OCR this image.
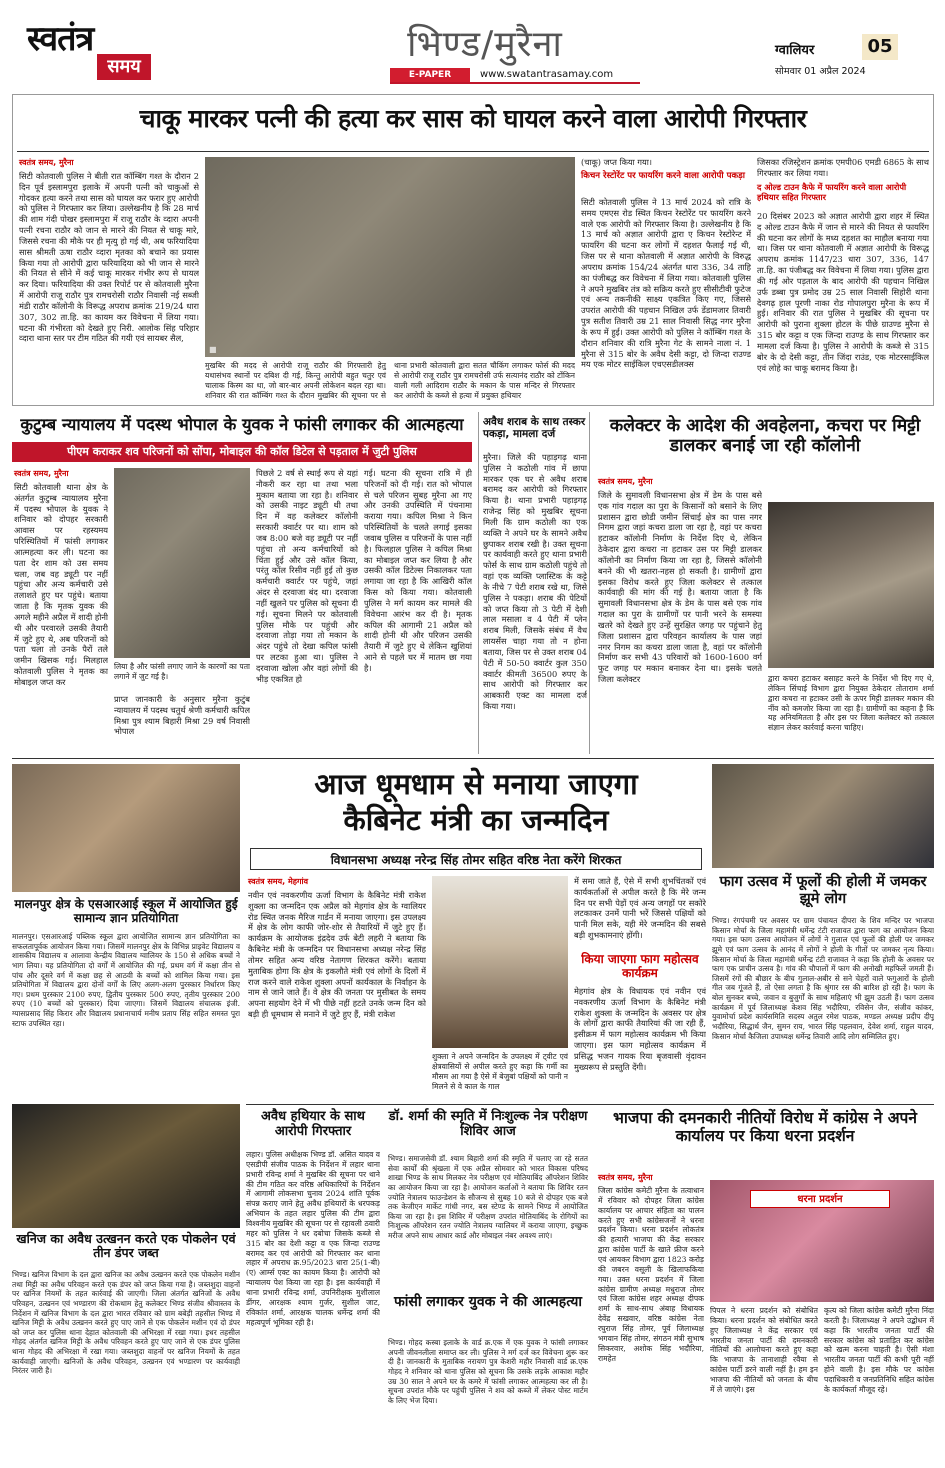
स्वतंत्र
समय
भिण्ड/मुरैना
E-PAPER	www.swatantrasamay.com
ग्वालियर	05
सोमवार 01 अप्रैल 2024
चाकू मारकर पत्नी की हत्या कर सास को घायल करने वाला आरोपी गिरफ्तार
स्वतंत्र समय, मुरैना
सिटी कोतवाली पुलिस ने बीती रात कॉम्बिंग गश्त के दौरान 2 दिन पूर्व इस्लामपुरा इलाके में अपनी पत्नी को चाकुओं से गोदकर हत्या करने तथा सास को घायल कर फरार हुए आरोपी को पुलिस ने गिरफ्तार कर लिया। उल्लेखनीय है कि 28 मार्च की शाम गंदी पोखर इस्लामपुरा में राजू राठौर के व्दारा अपनी पत्नी रचना राठौर को जान से मारने की नियत से चाकू मारे, जिससे रचना की मौके पर ही मृत्यु हो गई थी, अब फरियादिया सास श्रीमती ऊषा राठौर व्दारा मृतका को बचाने का प्रयास किया गया तो आरोपी द्वारा फरियादिया को भी जान से मारने की नियत से सीने में कई चाकू मारकर गंभीर रूप से घायल कर दिया। फरियादिया की उक्त रिपोर्ट पर से कोतवाली मुरैना में आरोपी राजू राठौर पुत्र रामचरोसी राठौर निवासी नई सब्जी मंडी राठौर कॉलोनी के विरूद्ध अपराध क्रमांक 219/24 धारा 307, 302 ता.हि. का कायम कर विवेचना में लिया गया। घटना की गंभीरता को देखते हुए निरी. आलोक सिंह परिहार व्दारा थाना स्तर पर टीम गठित की गयी एवं सायबर सैल,
■
मुखबिर की मदद से आरोपी राजू राठौर की गिरफ्तारी हेतु यथासंभव स्थानों पर दबिश दी गई, किन्तु आरोपी बहुत चतुर एवं चालाक किस्म का था, जो बार-बार अपनी लोकेशन बदल रहा था। शनिवार की रात कॉम्बिंग गश्त के दौरान मुखबिर की सूचना पर से थाना प्रभारी कोतवाली द्वारा सतत चौकिंग लगाकर फोर्स की मदद से आरोपी राजू राठौर पुत्र रामचरोसी उर्फ सत्यानंद राठौर को टोंकिन वाली गली आदिराम राठौर के मकान के पास मन्दिर से गिरफ्तार कर आरोपी के कब्जे से हत्या में प्रयुक्त हथियार
(चाकू) जप्त किया गया।
किचन रेस्टोरेंट पर फायरिंग करने वाला आरोपी पकड़ा
सिटी कोतवाली पुलिस ने 13 मार्च 2024 को रात्रि के समय एमएस रोड स्थित किचन रेस्टोरेंट पर फायरिंग करने वाले एक आरोपी को गिरफ्तार किया है। उल्लेखनीय है कि 13 मार्च को अज्ञात आरोपी द्वारा ए किचन रेस्टोरेन्ट में फायरिंग की घटना कर लोगों में दहशत फैलाई गई थी, जिस पर से थाना कोतवाली में अज्ञात आरोपी के विरुद्ध अपराध क्रमांक 154/24 अंतर्गत धारा 336, 34 ताहि का पंजीबद्ध कर विवेचना में लिया गया। कोतवाली पुलिस ने अपने मुखबिर तंत्र को सक्रिय करते हुए सीसीटीवी फुटेज एवं अन्य तकनीकी साक्ष्य एकत्रित किए गए, जिससे उपरांत आरोपी की पहचान निखिल उर्फ डेंडामजार तिवारी पुत्र सतीश तिवारी उम्र 21 साल निवासी सिद्ध नगर मुरैना के रूप में हुई। उक्त आरोपी को पुलिस ने कॉम्बिंग गश्त के दौरान शनिवार की रात्रि मुरैना गेट के सामने नाला नं. 1 मुरैना से 315 बोर के अवैध देसी कट्टा, दो जिन्दा राउण्ड मय एक मोटर साईकिल एचएसडीलक्स
जिसका रजिस्ट्रेशन क्रमांक एमपी06 एमडी 6865 के साथ गिरफ्तार कर लिया गया।
द ओल्ड टाउन कैफे में फायरिंग करने वाला आरोपी हथियार सहित गिरफ्तार
20 दिसंबर 2023 को अज्ञात आरोपी द्वारा शहर में स्थित द ओल्ड टाउन कैफे में जान से मारने की नियत से फायरिंग की घटना कर लोगों के मध्य दहशत का माहौल बनाया गया था। जिस पर थाना कोतवाली में अज्ञात आरोपी के विरूद्ध अपराध क्रमांक 1147/23 धारा 307, 336, 147 ता.हि. का पंजीबद्ध कर विवेचना में लिया गया। पुलिस द्वारा की गई ओर पड़ताल के बाद आरोपी की पहचान निखिल उर्फ डब्बा पुत्र प्रमोद उम्र 25 साल निवासी सिहोरी थाना देवगढ़ हाल पूरणी नाका रोड गोपालपुरा मुरैना के रूप में हुई। शनिवार की रात पुलिस ने मुखबिर की सूचना पर आरोपी को पुराना शुक्ला होटल के पीछे ग्राउण्ड मुरैना से 315 बोर कट्टा व एक जिन्दा राउण्ड के साथ गिरफ्तार कर मामला दर्ज किया है। पुलिस ने आरोपी के कब्जे से 315 बोर के दो देसी कट्टा, तीन जिंदा राउंड, एक मोटरसाईकिल एवं लोहे का चाकू बरामद किया है।
कुटुम्ब न्यायालय में पदस्थ भोपाल के युवक ने फांसी लगाकर की आत्महत्या
पीएम कराकर शव परिजनों को सोंपा, मोबाइल की कॉल डिटेल से पड़ताल में जुटी पुलिस
स्वतंत्र समय, मुरैना
सिटी कोतवाली थाना क्षेत्र के अंतर्गत कुटुम्ब न्यायालय मुरैना में पदस्थ भोपाल के युवक ने शनिवार को दोपहर सरकारी आवास पर रहस्यमय परिस्थितियों में फांसी लगाकर आत्महत्या कर ली। घटना का पता देर शाम को उस समय चला, जब वह ड्यूटी पर नहीं पहुंचा और अन्य कर्मचारी उसे तलाशते हुए घर पहुंचे। बताया जाता है कि मृतक युवक की अगले महीने अप्रैल में शादी होनी थी और परवारले उसकी तैयारी में जुटे हुए थे, अब परिजनों को पता चला तो उनके पैरों तले जमीन खिसक गई। मिलहाल कोतवाली पुलिस ने मृतक का मोबाइल जप्त कर
लिया है और फांसी लगाए जाने के कारणों का पता लगाने में जुट गई है।
प्राप्त जानकारी के अनुसार मुरैना कुटुंब न्यायालय में पदस्थ चतुर्थ श्रेणी कर्मचारी कपिल मिश्रा पुत्र श्याम बिहारी मिश्रा 29 वर्ष निवासी भोपाल
पिछले 2 वर्ष से स्थाई रूप से यहां नौकरी कर रहा था तथा भला मुकाम बताया जा रहा है। शनिवार को उसकी नाइट ड्यूटी थी तथा दिन में वह कलेक्टर कॉलोनी सरकारी क्वार्टर पर था। शाम को जब 8:00 बजे वह ड्यूटी पर नहीं पहुंचा तो अन्य कर्मचारियों को चिंता हुई और उसे कॉल किया, परंतु कॉल रिसीव नहीं हुई तो कुछ कर्मचारी क्वार्टर पर पहुंचे, जहां अंदर से दरवाजा बंद था। दरवाजा नहीं खुलने पर पुलिस को सूचना दी गई। सूचना मिलने पर कोतवाली पुलिस मौके पर पहुंची और दरवाजा तोड़ा गया तो मकान के अंदर पहुंचे तो देखा कपिल फांसी पर लटका हुआ था। पुलिस ने दरवाजा खोला और वहां लोगों की भीड़ एकत्रित हो
गई। घटना की सूचना रात्रि में ही परिजनों को दी गई। रात को भोपाल से चले परिजन सुबह मुरैना आ गए और उनकी उपस्थिति में पंचनामा कराया गया। कपिल मिश्रा ने किन परिस्थितियों के चलते लगाई इसका जवाब पुलिस व परिजनों के पास नहीं है। फिलहाल पुलिस ने कपिल मिश्रा का मोबाइल जप्त कर लिया है और उसकी कॉल डिटेल्स निकालकर पता लगाया जा रहा है कि आखिरी कॉल किस को किया गया। कोतवाली पुलिस ने मर्ग कायम कर मामले की विवेचना आरंभ कर दी है। मृतक कपिल की आगामी 21 अप्रैल को शादी होनी थी और परिजन उसकी तैयारी में जुटे हुए थे लेकिन खुशियां आने से पहले घर में मातम छा गया है।
अवैध शराब के साथ तस्कर पकड़ा, मामला दर्ज
मुरैना। जिले की पहाड़गढ़ थाना पुलिस ने कठोली गांव में छापा मारकर एक घर से अवैध शराब बरामद कर आरोपी को गिरफ्तार किया है। थाना प्रभारी पहाड़गढ़ राजेन्द्र सिंह को मुखबिर सूचना मिली कि ग्राम कठोली का एक व्यक्ति ने अपने घर के सामने अवैध छुपाकर शराब रखी है। उक्त सूचना पर कार्यवाही करते हुए थाना प्रभारी फोर्स के साथ ग्राम कठोली पहुंचे तो वहां एक व्यक्ति प्लास्टिक के कट्टे के नीचे 7 पेटी शराब रखे था, जिसे पुलिस ने पकड़ा। शराब की पेटियों को जप्त किया तो 3 पेटी में देशी लाल मसाला व 4 पेटी में प्लेन शराब मिली, जिसके संबंध में वैध लायसेंस चाहा गया तो न होना बताया, जिस पर से उक्त शराब 04 पेटी में 50-50 क्वार्टर कुल 350 क्वार्टर कीमती 36500 रुपए के साथ आरोपी को गिरफ्तार कर आबकारी एक्ट का मामला दर्ज किया गया।
कलेक्टर के आदेश की अवहेलना, कचरा पर मिट्टी डालकर बनाई जा रही कॉलोनी
स्वतंत्र समय, मुरैना
जिले के सुमावली विधानसभा क्षेत्र में डेम के पास बसे एक गांव गदाल का पुरा के किसानों को बसाने के लिए प्रशासन द्वारा छोडी जमीन सिंचाई क्षेत्र का पास नगर निगम द्वारा जहां कचरा डाला जा रहा है, वहां पर कचरा हटाकर कॉलोनी निर्माण के निर्देश दिए थे, लेकिन ठेकेदार द्वारा कचरा ना हटाकर उस पर मिट्टी डालकर कॉलोनी का निर्माण किया जा रहा है, जिससे कॉलोनी बनने की भी खतरा-नहस हो सकती है। ग्रामीणों द्वारा इसका विरोध करते हुए जिला कलेक्टर से तत्काल कार्यवाही की मांग की गई है। बताया जाता है कि सुमावली विधानसभा क्षेत्र के डेम के पास बसे एक गांव गदाल का पुरा के ग्रामीणों पर पानी भरने के समस्या खतरे को देखते हुए उन्हें सुरक्षित जगह पर पहुंचाने हेतु जिला प्रशासन द्वारा परिवहन कार्यालय के पास जहां नगर निगम का कचरा डाला जाता है, वहां पर कॉलोनी निर्माण कर सभी 43 परिवारों को 1600-1600 वर्ग फुट जगह पर मकान बनाकर देना था। इसके चलते जिला कलेक्टर	द्वारा कचरा हटाकर बसाहट करने के निर्देश भी दिए गए थे, लेकिन सिंचाई विभाग द्वारा नियुक्त ठेकेदार तोताराम शर्मा द्वारा कचरा ना हटाकर उसी के ऊपर मिट्टी डालकर मकान की नींव को कमजोर किया जा रहा है। ग्रामीणों का कहना है कि यह अनियमितता है और इस पर जिला कलेक्टर को तत्काल संज्ञान लेकर कार्रवाई करना चाहिए।
मालनपुर क्षेत्र के एसआरआई स्कूल में आयोजित हुई सामान्य ज्ञान प्रतियोगिता
मालनपुर। एसआरआई पब्लिक स्कूल द्वारा आयोजित सामान्य ज्ञान प्रतियोगिता का सफलतापूर्वक आयोजन किया गया। जिसमें मालनपुर क्षेत्र के विभिन्न प्राइवेट विद्यालय व शासकीय विद्यालय व आलावा केन्द्रीय विद्यालय ग्वालियर के 150 से अधिक बच्चों ने भाग लिया। यह प्रतियोगिता दो वर्गों में आयोजित की गई, प्रथम वर्ग में कक्षा तीन से पांच और दूसरे वर्ग में कक्षा छह से आठवी के बच्चों को शामिल किया गया। इस प्रतियोगिता में विद्यालय द्वारा दोनों वर्गों के लिए अलग-अलग पुरस्कार निर्धारण किए गए। प्रथम पुरस्कार 2100 रुपए, द्वितीय पुरस्कार 500 रुपए, तृतीय पुरस्कार 200 रुपए (10 बच्चों को पुरस्कार) दिया जाएगा। जिसमें विद्यालय संचालक इंजी. ग्यासप्रसाद सिंह किरार और विद्यालय प्रधानाचार्य मनीष प्रताप सिंह सहित समस्त पूरा स्टाफ उपस्थित रहा।
आज धूमधाम से मनाया जाएगा
कैबिनेट मंत्री का जन्मदिन
विधानसभा अध्यक्ष नरेन्द्र सिंह तोमर सहित वरिष्ठ नेता करेंगे शिरकत
स्वतंत्र समय, मेहगांव
नवीन एवं नवकरणीय ऊर्जा विभाग के कैबिनेट मंत्री राकेश शुक्ला का जन्मदिन एक अप्रैल को मेहगांव क्षेत्र के ग्वालियर रोड स्थित जनक मैरिज गार्डन में मनाया जाएगा। इस उपलक्ष्य में क्षेत्र के लोग काफी जोर-शोर से तैयारियों में जुटे हुए हैं। कार्यक्रम के आयोजक इंद्रदेव उर्फ बेटी लहरी ने बताया कि कैबिनेट मंत्री के जन्मदिन पर विधानसभा अध्यक्ष नरेन्द्र सिंह तोमर सहित अन्य वरिष्ठ नेतागण शिरकत करेंगे। बताया मुताबिक होगा कि क्षेत्र के इकलौते मंत्री एवं लोगों के दिलों में राज करने वाले राकेश शुक्ला अपनों कार्यकाल के निर्वाहन के नाम से जाने जाते हैं। वे क्षेत्र की जनता पर मुसीबत के समय अपना सहयोग देने में भी पीछे नहीं हटते उनके जन्म दिन को बड़ी ही धूमधाम से मनाने में जुटे हुए हैं, मंत्री राकेश
शुक्ला ने अपने जन्मदिन के उपलक्ष्य में ट्वीट एवं क्षेत्रवासियों से अपील करते हुए कहा कि गर्मी का मौसम आ गया है ऐसे में बेजुबां पक्षियों को पानी न मिलने से वे काल के गाल
में समा जाते हैं, ऐसे में सभी शुभचिंतकों एवं कार्यकर्ताओं से अपील करते है कि मेरे जन्म दिन पर सभी पेड़ों एवं अन्य जगहों पर सकोरे लटकाकर उनमें पानी भरें जिससे पक्षियों को पानी मिल सके, यही मेरे जन्मदिन की सबसे बड़ी शुभकामनाएं होंगी।
किया जाएगा फाग महोत्सव कार्यक्रम
मेहगांव क्षेत्र के विधायक एवं नवीन एवं नवकरणीय ऊर्जा विभाग के कैबिनेट मंत्री राकेश शुक्ला के जन्मदिन के अवसर पर क्षेत्र के लोगों द्वारा काफी तैयारियां की जा रही हैं, इसीक्रम में फाग महोत्सव कार्यक्रम भी किया जाएगा। इस फाग महोत्सव कार्यक्रम में प्रसिद्ध भजन गायक रिया बृजवासी वृंदावन मुख्यरूप से प्रस्तुति देंगी।
फाग उत्सव में फूलों की होली में जमकर झूमे लोग
भिण्ड। रंगपंचमी पर अवसर पर ग्राम पंचायत दीपरा के शिव मन्दिर पर भाजपा किसान मोर्चा के जिला महामंत्री धर्मेन्द्र टंटी राजावत द्वारा फाग का आयोजन किया गया। इस फाग उत्सव आयोजन में लोगों ने गुलाल एवं फूलों की होली पर जमकर झूमे एवं फाग उत्सव के आनंद में लोगों ने होली के गीतों पर जमकर नृत्य किया। किसान मोर्चा के जिला महामंत्री धर्मेन्द्र टंटी राजावत ने कहा कि होली के अवसर पर फाग एक प्राचीन उत्सव है। गांव की चौपालों में फाग की अनोखी महफिलें जमती हैं। जिसमें रंगों की बौछार के बीच गुलाल-अबीर से सने चेहरों वाले फगुआरों के होली गीत जब गूंजते हैं, तो ऐसा लगता है कि श्रृंगार रस की बारिश हो रही है। फाग के बोल सुनकर बच्चे, जवान व बुजुर्गों के साथ महिलाएं भी झूम उठती हैं। फाग उत्सव कार्यक्रम में पूर्व जिलाध्यक्ष केशव सिंह भदौरिया, रविसेन जैन, संजीव कांकर, युवामोर्चा प्रदेश कार्यसमिति सदस्य अतुल रमेश पाठक, मण्डल अध्यक्ष प्रदीप दीपू भदौरिया, सिद्धार्थ जैन, सुमन राय, भारत सिंह पहलवान, देवेश शर्मा, राहुल यादव, किसान मोर्चा कैजिला उपाध्यक्ष धर्मेन्द्र तिवारी आदि लोग सम्मिलित हुए।
खनिज का अवैध उत्खनन करते एक पोकलेन एवं तीन डंपर जब्त
भिण्ड। खनिज विभाग के दल द्वारा खनिज का अवैध उत्खनन करते एक पोकलेन मशीन तथा मिट्टी का अवैध परिवहन करते एक डंपर को जप्त किया गया है। जब्तशुदा वाहनों पर खनिज नियमों के तहत कार्रवाई की जाएगी। जिला अंतर्गत खनिजों के अवैध परिवहन, उत्खनन एवं भण्डारण की रोकथाम हेतु कलेक्टर भिण्ड संजीव श्रीवास्तव के निर्देशन में खनिज विभाग के दल द्वारा भारत रविवार को ग्राम बबेड़ी तहसील भिण्ड में खनिज मिट्टी के अवैध उत्खनन करते हुए पाए जाने से एक पोकलेन मशीन एवं दो डंपर को जप्त कर पुलिस थाना देहात कोतवाली की अभिरक्षा में रखा गया। इधर तहसील गोहद अंतर्गत खनिज मिट्टी के अवैध परिवहन करते हुए पाए जाने से एक डंपर पुलिस थाना गोहद की अभिरक्षा में रखा गया। जब्तशुदा वाहनों पर खनिज नियमों के तहत कार्यवाही जाएगी। खनिजों के अवैध परिवहन, उत्खनन एवं भण्डारण पर कार्यवाही निरंतर जारी है।
अवैध हथियार के साथ आरोपी गिरफ्तार
लहार। पुलिस अधीक्षक भिण्ड डॉ. असित यादव व एसडीपी संजीव पाठक के निर्देशन में लहार थाना प्रभारी रविन्द्र शर्मा ने मुखबिर की सूचना पर थाने की टीम गठित कर वरिष्ठ अधिकारियों के निर्देशन में आगामी लोकसभा चुनाव 2024 शांति पूर्वक संपन्न कराए जाने हेतु अवैध हथियारों के धरपकड़ अभियान के तहत लहार पुलिस की टीम द्वारा विश्वनीय मुखबिर की सूचना पर से रहावली ठवारी महर को पुलिस ने धर दबोचा जिसके कब्जे से 315 बोर का देशी कट्टा व एक जिन्दा राउण्ड बरामद कर एवं आरोपी को गिरफ्तार कर थाना लहार में अपराध क्र.95/2023 धारा 25(1-बी)(ए) आर्म्स एक्ट का कायम किया है। आरोपी को न्यायालय पेश किया जा रहा है। इस कार्यवाही में थाना प्रभारी रविन्द्र शर्मा, उपनिरीक्षक मुशीलाल डींगर, आरक्षक श्याम गुर्जर, सुशील जाट, रविकांत शर्मा, आरक्षक चालक धर्मेन्द्र शर्मा की महत्वपूर्ण भूमिका रही है।
डॉ. शर्मा की स्मृति में निःशुल्क नेत्र परीक्षण शिविर आज
भिण्ड। समाजसेवी डॉ. श्याम बिहारी शर्मा की स्मृति में चलाए जा रहे सतत सेवा कार्यों की श्रृंखला में एक अप्रैल सोमवार को भारत विकास परिषद शाखा भिण्ड के साथ मिलकर नेत्र परीक्षण एवं मोतियाबिंद ऑपरेशन शिविर का आयोजन किया जा रहा है। आयोजन कर्ताओं ने बताया कि शिविर रतन ज्योति नेत्रालय फाउन्डेशन के सौजन्य से सुबह 10 बजे से दोपहर एक बजे तक केजीएन मार्केट गांधी नगर, बस स्टेण्ड के सामने भिण्ड में आयोजित किया जा रहा है। इस शिविर में परीक्षण उपरांत मोतियाबिंद के रोगियों का निःशुल्क ऑपरेशन रतन ज्योति नेत्रालय ग्वालियर में कराया जाएगा, इच्छुक मरीज अपने साथ आधार कार्ड और मोबाइल नंबर अवश्य लाएं।
फांसी लगाकर युवक ने की आत्महत्या
भिण्ड। गोहद कस्बा इलाके के वार्ड क्र.एक में एक युवक ने फांसी लगाकर अपनी जीवनलीला समाप्त कर ली। पुलिस ने मर्ग दर्ज कर विवेचना शुरू कर दी है। जानकारी के मुताबिक नरायण पुत्र केशरी महौर निवासी वार्ड क्र.एक गोहद ने शनिवार को थाना पुलिस को सूचना कि उसके लड़के आकाश महौर उम्र 30 साल ने अपने घर के कमरे में फांसी लगाकर आत्महत्या कर ली है। सूचना उपरांत मौके पर पहुंची पुलिस ने शव को कब्जे में लेकर पोस्ट मार्टम के लिए भेज दिया।
भाजपा की दमनकारी नीतियों विरोध में कांग्रेस ने अपने कार्यालय पर किया धरना प्रदर्शन
स्वतंत्र समय, मुरैना
जिला कांग्रेस कमेटी मुरैना के तत्वाधान में रविवार को दोपहर जिला कांग्रेस कार्यालय पर आचार संहिता का पालन करते हुए सभी कांग्रेसजनों ने धरना प्रदर्शन किया। धरना प्रदर्शन लोकतंत्र की हत्यारी भाजपा की केंद्र सरकार द्वारा कांग्रेस पार्टी के खाते फ्रीज करने एवं आयकर विभाग द्वारा 1823 करोड़ की जबरन वसूली के खिलाफकिया गया। उक्त धरना प्रदर्शन में जिला कांग्रेस ग्रामीण अध्यक्ष मधुराज तोमर एवं जिला कांग्रेस शहर अध्यक्ष दीपक शर्मा के साथ-साथ अंबाह विधायक देवेंद्र सखवार, वरिष्ठ कांग्रेस नेता रघुराज सिंह तोमर, पूर्व जिलाध्यक्ष भगवान सिंह तोमर, संगठन मंत्री सुभाष सिकरवार, अशोक सिंह भदौरिया, रामहेत
धरना प्रदर्शन
पिपल ने धरना प्रदर्शन को संबोधित किया। धरना प्रदर्शन को संबोधित करते हुए जिलाध्यक्ष ने केंद्र सरकार एवं भारतीय जनता पार्टी की दमनकारी नीतियों की आलोचना करते हुए कहा कि भाजपा के तानाशाही रवैया से कांग्रेस पार्टी डरने वाली नहीं है। हम इन भाजपा की नीतियों को जनता के बीच में ले जाएंगे। इस
कृत्य को जिला कांग्रेस कमेटी मुरैना निंदा करती है। जिलाध्यक्ष ने अपने उद्बोधन में कहा कि भारतीय जनता पार्टी की सरकार कांग्रेस को प्रताड़ित कर कांग्रेस को खत्म करना चाहती है। ऐसी मंशा भारतीय जनता पार्टी की कभी पूरी नहीं होने वाली है। इस मौके पर कांग्रेस पदाधिकारी व जनप्रतिनिधि सहित कांग्रेस के कार्यकर्ता मौजूद रहे।
